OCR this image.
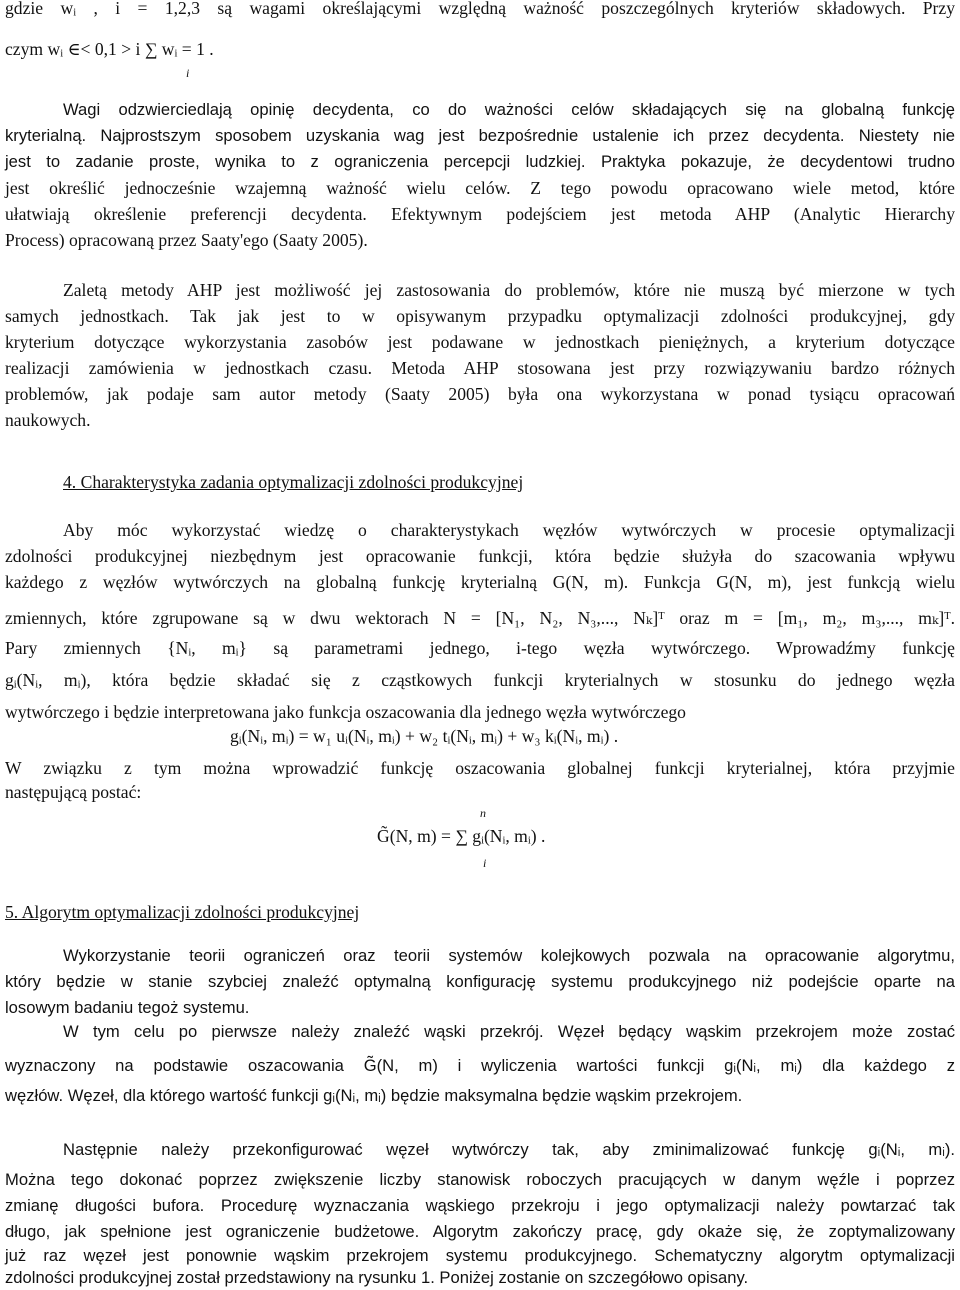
gdzie wᵢ , i = 1,2,3 są wagami określającymi względną ważność poszczególnych kryteriów składowych. Przy
czym wᵢ ∈< 0,1 > i ∑ wᵢ = 1 .
i
Wagi odzwierciedlają opinię decydenta, co do ważności celów składających się na globalną funkcję
kryterialną. Najprostszym sposobem uzyskania wag jest bezpośrednie ustalenie ich przez decydenta. Niestety nie
jest to zadanie proste, wynika to z ograniczenia percepcji ludzkiej. Praktyka pokazuje, że decydentowi trudno
jest określić jednocześnie wzajemną ważność wielu celów. Z tego powodu opracowano wiele metod, które
ułatwiają określenie preferencji decydenta. Efektywnym podejściem jest metoda AHP (Analytic Hierarchy
Process) opracowaną przez Saaty'ego (Saaty 2005).
Zaletą metody AHP jest możliwość jej zastosowania do problemów, które nie muszą być mierzone w tych
samych jednostkach. Tak jak jest to w opisywanym przypadku optymalizacji zdolności produkcyjnej, gdy
kryterium dotyczące wykorzystania zasobów jest podawane w jednostkach pieniężnych, a kryterium dotyczące
realizacji zamówienia w jednostkach czasu. Metoda AHP stosowana jest przy rozwiązywaniu bardzo różnych
problemów, jak podaje sam autor metody (Saaty 2005) była ona wykorzystana w ponad tysiącu opracowań
naukowych.
4. Charakterystyka zadania optymalizacji zdolności produkcyjnej
Aby móc wykorzystać wiedzę o charakterystykach węzłów wytwórczych w procesie optymalizacji
zdolności produkcyjnej niezbędnym jest opracowanie funkcji, która będzie służyła do szacowania wpływu
każdego z węzłów wytwórczych na globalną funkcję kryterialną G(N, m). Funkcja G(N, m), jest funkcją wielu
zmiennych, które zgrupowane są w dwu wektorach N = [N₁, N₂, N₃,..., Nₖ]ᵀ oraz m = [m₁, m₂, m₃,..., mₖ]ᵀ.
Pary zmiennych {Nᵢ, mᵢ} są parametrami jednego, i-tego węzła wytwórczego. Wprowadźmy funkcję
gᵢ(Nᵢ, mᵢ), która będzie składać się z cząstkowych funkcji kryterialnych w stosunku do jednego węzła
wytwórczego i będzie interpretowana jako funkcja oszacowania dla jednego węzła wytwórczego
gᵢ(Nᵢ, mᵢ) = w₁ uᵢ(Nᵢ, mᵢ) + w₂ tᵢ(Nᵢ, mᵢ) + w₃ kᵢ(Nᵢ, mᵢ) .
W związku z tym można wprowadzić funkcję oszacowania globalnej funkcji kryterialnej, która przyjmie
następującą postać:
n
G̃(N, m) = ∑ gᵢ(Nᵢ, mᵢ) .
i
5. Algorytm optymalizacji zdolności produkcyjnej
Wykorzystanie teorii ograniczeń oraz teorii systemów kolejkowych pozwala na opracowanie algorytmu,
który będzie w stanie szybciej znaleźć optymalną konfigurację systemu produkcyjnego niż podejście oparte na
losowym badaniu tegoż systemu.
W tym celu po pierwsze należy znaleźć wąski przekrój. Węzeł będący wąskim przekrojem może zostać
wyznaczony na podstawie oszacowania G̃(N, m) i wyliczenia wartości funkcji gᵢ(Nᵢ, mᵢ) dla każdego z
węzłów. Węzeł, dla którego wartość funkcji gᵢ(Nᵢ, mᵢ) będzie maksymalna będzie wąskim przekrojem.
Następnie należy przekonfigurować węzeł wytwórczy tak, aby zminimalizować funkcję gᵢ(Nᵢ, mᵢ).
Można tego dokonać poprzez zwiększenie liczby stanowisk roboczych pracujących w danym węźle i poprzez
zmianę długości bufora. Procedurę wyznaczania wąskiego przekroju i jego optymalizacji należy powtarzać tak
długo, jak spełnione jest ograniczenie budżetowe. Algorytm zakończy pracę, gdy okaże się, że zoptymalizowany
już raz węzeł jest ponownie wąskim przekrojem systemu produkcyjnego. Schematyczny algorytm optymalizacji
zdolności produkcyjnej został przedstawiony na rysunku 1. Poniżej zostanie on szczegółowo opisany.
